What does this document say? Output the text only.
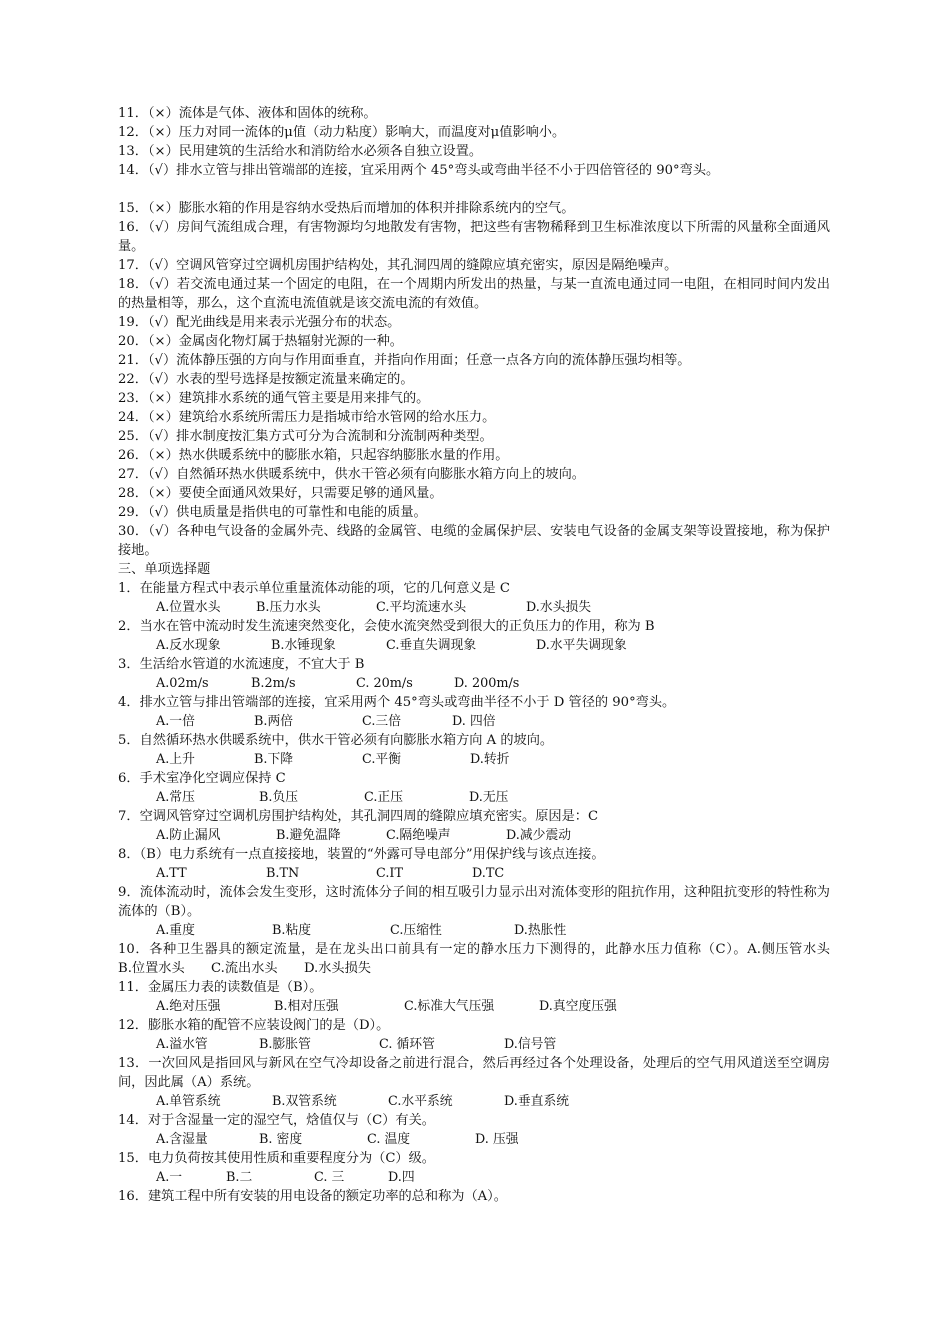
11．（×）流体是气体、液体和固体的统称。
12．（×）压力对同一流体的μ值（动力粘度）影响大，而温度对μ值影响小。
13．（×）民用建筑的生活给水和消防给水必须各自独立设置。
14．（√）排水立管与排出管端部的连接，宜采用两个 45°弯头或弯曲半径不小于四倍管径的 90°弯头。
15．（×）膨胀水箱的作用是容纳水受热后而增加的体积并排除系统内的空气。
16．（√）房间气流组成合理，有害物源均匀地散发有害物，把这些有害物稀释到卫生标准浓度以下所需的风量称全面通风量。
17．（√）空调风管穿过空调机房围护结构处，其孔洞四周的缝隙应填充密实，原因是隔绝噪声。
18．（√）若交流电通过某一个固定的电阻，在一个周期内所发出的热量，与某一直流电通过同一电阻，在相同时间内发出的热量相等，那么，这个直流电流值就是该交流电流的有效值。
19．（√）配光曲线是用来表示光强分布的状态。
20．（×）金属卤化物灯属于热辐射光源的一种。
21．（√）流体静压强的方向与作用面垂直，并指向作用面；任意一点各方向的流体静压强均相等。
22．（√）水表的型号选择是按额定流量来确定的。
23．（×）建筑排水系统的通气管主要是用来排气的。
24．（×）建筑给水系统所需压力是指城市给水管网的给水压力。
25．（√）排水制度按汇集方式可分为合流制和分流制两种类型。
26．（×）热水供暖系统中的膨胀水箱，只起容纳膨胀水量的作用。
27．（√）自然循环热水供暖系统中，供水干管必须有向膨胀水箱方向上的坡向。
28．（×）要使全面通风效果好，只需要足够的通风量。
29．（√）供电质量是指供电的可靠性和电能的质量。
30．（√）各种电气设备的金属外壳、线路的金属管、电缆的金属保护层、安装电气设备的金属支架等设置接地，称为保护接地。
三、单项选择题
1．在能量方程式中表示单位重量流体动能的项，它的几何意义是 C
A.位置水头	B.压力水头	C.平均流速水头	D.水头损失
2．当水在管中流动时发生流速突然变化，会使水流突然受到很大的正负压力的作用，称为 B
A.反水现象	B.水锤现象	C.垂直失调现象	D.水平失调现象
3．生活给水管道的水流速度，不宜大于 B
A.02m/s	B.2m/s	C. 20m/s	D. 200m/s
4．排水立管与排出管端部的连接，宜采用两个 45°弯头或弯曲半径不小于 D 管径的 90°弯头。
A.一倍	B.两倍	C.三倍	D. 四倍
5．自然循环热水供暖系统中，供水干管必须有向膨胀水箱方向 A 的坡向。
A.上升	B.下降	C.平衡	D.转折
6．手术室净化空调应保持 C
A.常压	B.负压	C.正压	D.无压
7．空调风管穿过空调机房围护结构处，其孔洞四周的缝隙应填充密实。原因是：C
A.防止漏风	B.避免温降	C.隔绝噪声	D.减少震动
8．（B）电力系统有一点直接接地，装置的“外露可导电部分”用保护线与该点连接。
A.TT	B.TN	C.IT	D.TC
9．流体流动时，流体会发生变形，这时流体分子间的相互吸引力显示出对流体变形的阻抗作用，这种阻抗变形的特性称为流体的（B）。
A.重度	B.粘度	C.压缩性	D.热胀性
10．各种卫生器具的额定流量，是在龙头出口前具有一定的静水压力下测得的，此静水压力值称（C）。A.侧压管水头　　B.位置水头　　C.流出水头　　D.水头损失
11．金属压力表的读数值是（B）。
A.绝对压强	B.相对压强	C.标准大气压强	D.真空度压强
12．膨胀水箱的配管不应装设阀门的是（D）。
A.溢水管	B.膨胀管	C. 循环管	D.信号管
13．一次回风是指回风与新风在空气冷却设备之前进行混合，然后再经过各个处理设备，处理后的空气用风道送至空调房间，因此属（A）系统。
A.单管系统	B.双管系统	C.水平系统	D.垂直系统
14．对于含湿量一定的湿空气，焓值仅与（C）有关。
A.含湿量	B. 密度	C. 温度	D. 压强
15．电力负荷按其使用性质和重要程度分为（C）级。
A.一	B.二	C. 三	D.四
16．建筑工程中所有安装的用电设备的额定功率的总和称为（A）。
